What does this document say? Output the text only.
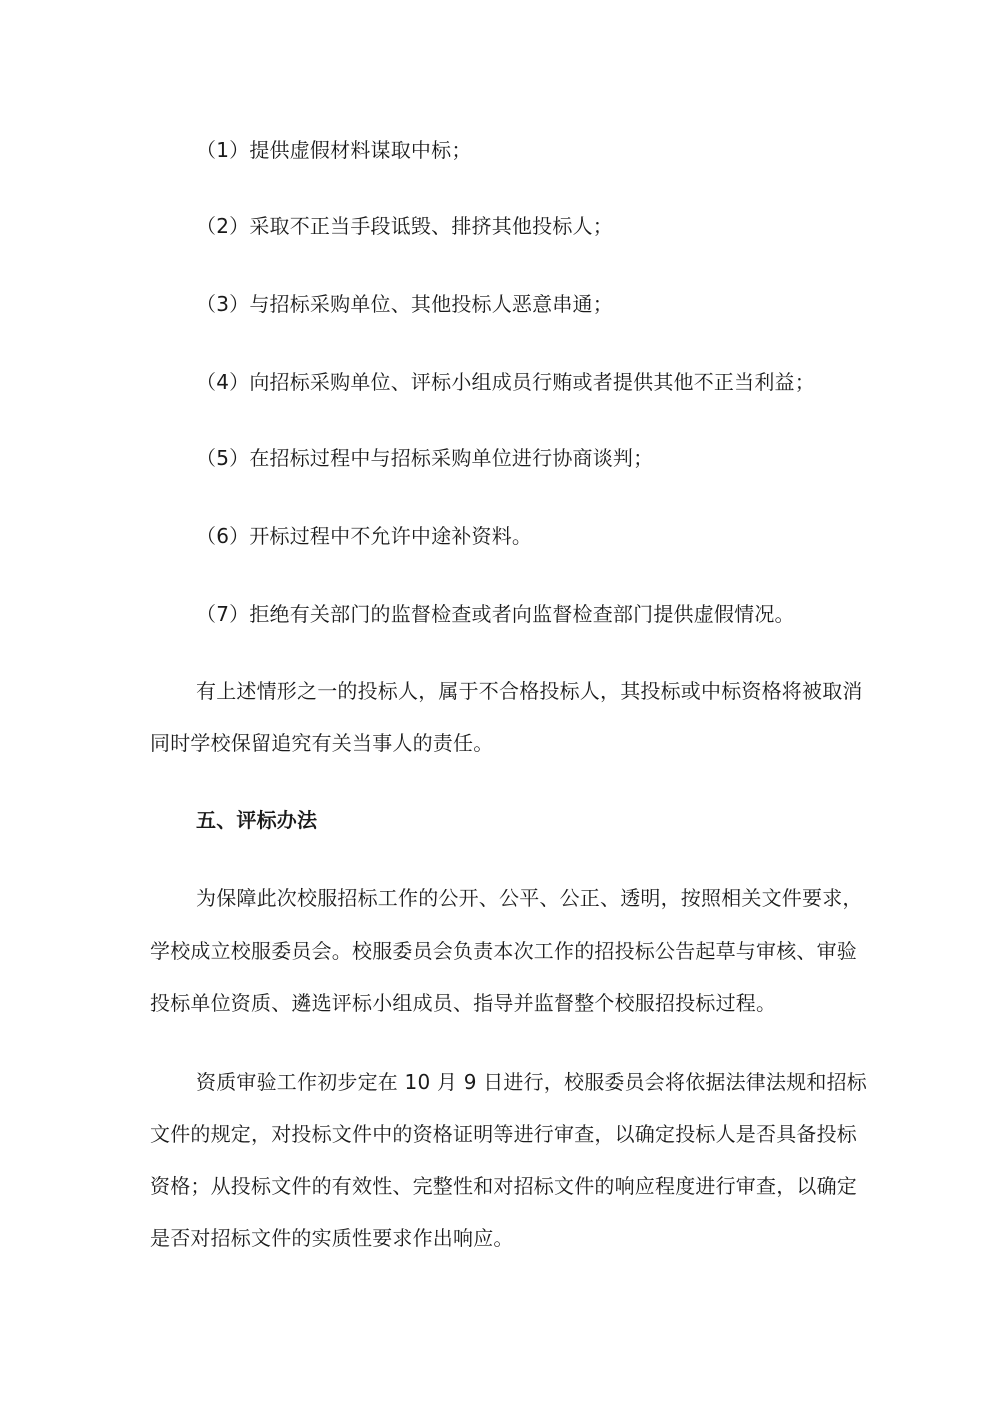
（1）提供虚假材料谋取中标；
（2）采取不正当手段诋毁、排挤其他投标人；
（3）与招标采购单位、其他投标人恶意串通；
（4）向招标采购单位、评标小组成员行贿或者提供其他不正当利益；
（5）在招标过程中与招标采购单位进行协商谈判；
（6）开标过程中不允许中途补资料。
（7）拒绝有关部门的监督检查或者向监督检查部门提供虚假情况。
有上述情形之一的投标人，属于不合格投标人，其投标或中标资格将被取消
同时学校保留追究有关当事人的责任。
五、评标办法
为保障此次校服招标工作的公开、公平、公正、透明，按照相关文件要求，
学校成立校服委员会。校服委员会负责本次工作的招投标公告起草与审核、审验
投标单位资质、遴选评标小组成员、指导并监督整个校服招投标过程。
资质审验工作初步定在 10 月 9 日进行，校服委员会将依据法律法规和招标
文件的规定，对投标文件中的资格证明等进行审查，以确定投标人是否具备投标
资格；从投标文件的有效性、完整性和对招标文件的响应程度进行审查，以确定
是否对招标文件的实质性要求作出响应。
